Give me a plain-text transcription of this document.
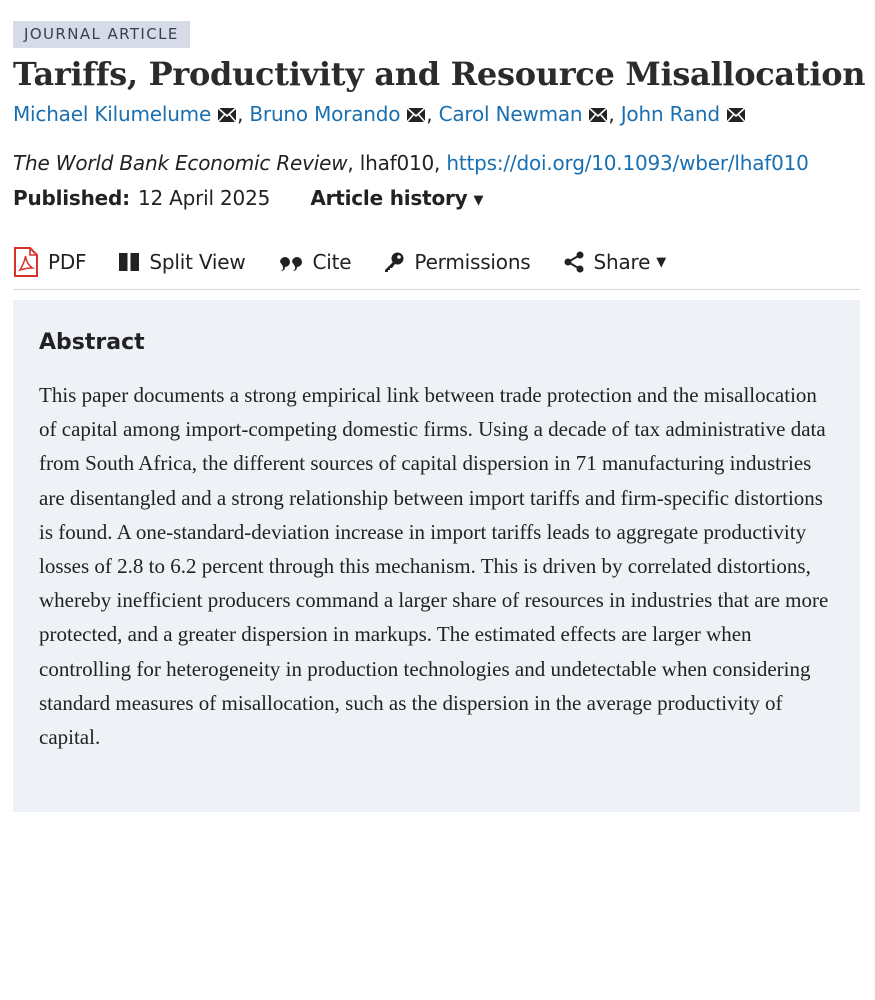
JOURNAL ARTICLE
Tariffs, Productivity and Resource Misallocation
Michael Kilumelume , Bruno Morando , Carol Newman , John Rand
The World Bank Economic Review, lhaf010, https://doi.org/10.1093/wber/lhaf010
Published: 12 April 2025 Article history ▼
PDF	Split View	Cite	Permissions	Share ▼
Abstract

This paper documents a strong empirical link between trade protection and the misallocation of capital among import-competing domestic firms. Using a decade of tax administrative data from South Africa, the different sources of capital dispersion in 71 manufacturing industries are disentangled and a strong relationship between import tariffs and firm-specific distortions is found. A one-standard-deviation increase in import tariffs leads to aggregate productivity losses of 2.8 to 6.2 percent through this mechanism. This is driven by correlated distortions, whereby inefficient producers command a larger share of resources in industries that are more protected, and a greater dispersion in markups. The estimated effects are larger when controlling for heterogeneity in production technologies and undetectable when considering standard measures of misallocation, such as the dispersion in the average productivity of capital.
